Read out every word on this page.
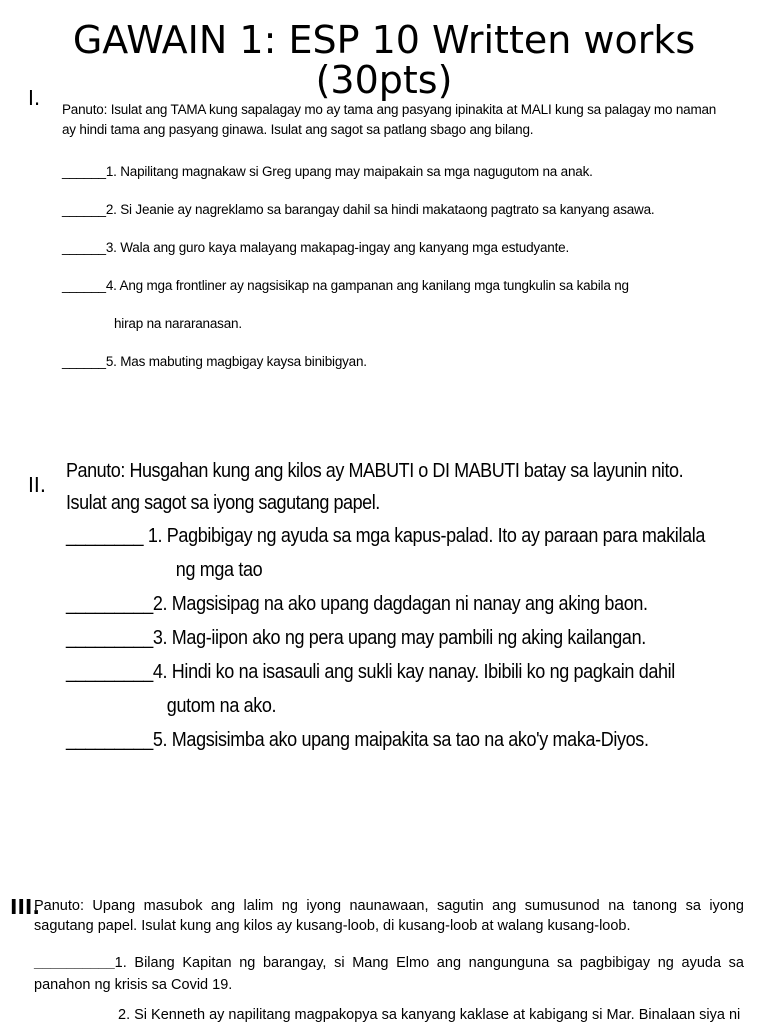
GAWAIN 1: ESP 10 Written works (30pts)
I. Panuto: Isulat ang TAMA kung sapalagay mo ay tama ang pasyang ipinakita at MALI kung sa palagay mo naman ay hindi tama ang pasyang ginawa. Isulat ang sagot sa patlang sbago ang bilang.
______1. Napilitang magnakaw si Greg upang may maipakain sa mga nagugutom na anak.
______2. Si Jeanie ay nagreklamo sa barangay dahil sa hindi makataong pagtrato sa kanyang asawa.
______3. Wala ang guro kaya malayang makapag-ingay ang kanyang mga estudyante.
______4. Ang mga frontliner ay nagsisikap na gampanan ang kanilang mga tungkulin sa kabila ng
hirap na nararanasan.
______5. Mas mabuting magbigay kaysa binibigyan.
II.
Panuto: Husgahan kung ang kilos ay MABUTI o DI MABUTI batay sa layunin nito.
Isulat ang sagot sa iyong sagutang papel.
________ 1. Pagbibigay ng ayuda sa mga kapus-palad. Ito ay paraan para makilala
ng mga tao
_________2. Magsisipag na ako upang dagdagan ni nanay ang aking baon.
_________3. Mag-iipon ako ng pera upang may pambili ng aking kailangan.
_________4. Hindi ko na isasauli ang sukli kay nanay. Ibibili ko ng pagkain dahil
gutom na ako.
_________5. Magsisimba ako upang maipakita sa tao na ako'y maka-Diyos.
III.
Panuto: Upang masubok ang lalim ng iyong naunawaan, sagutin ang sumusunod na tanong sa iyong sagutang papel. Isulat kung ang kilos ay kusang-loob, di kusang-loob at walang kusang-loob.
__________1. Bilang Kapitan ng barangay, si Mang Elmo ang nangunguna sa pagbibigay ng ayuda sa panahon ng krisis sa Covid 19.
2. Si Kenneth ay napilitang magpakopya sa kanyang kaklase at kabigang si Mar. Binalaan siya ni
